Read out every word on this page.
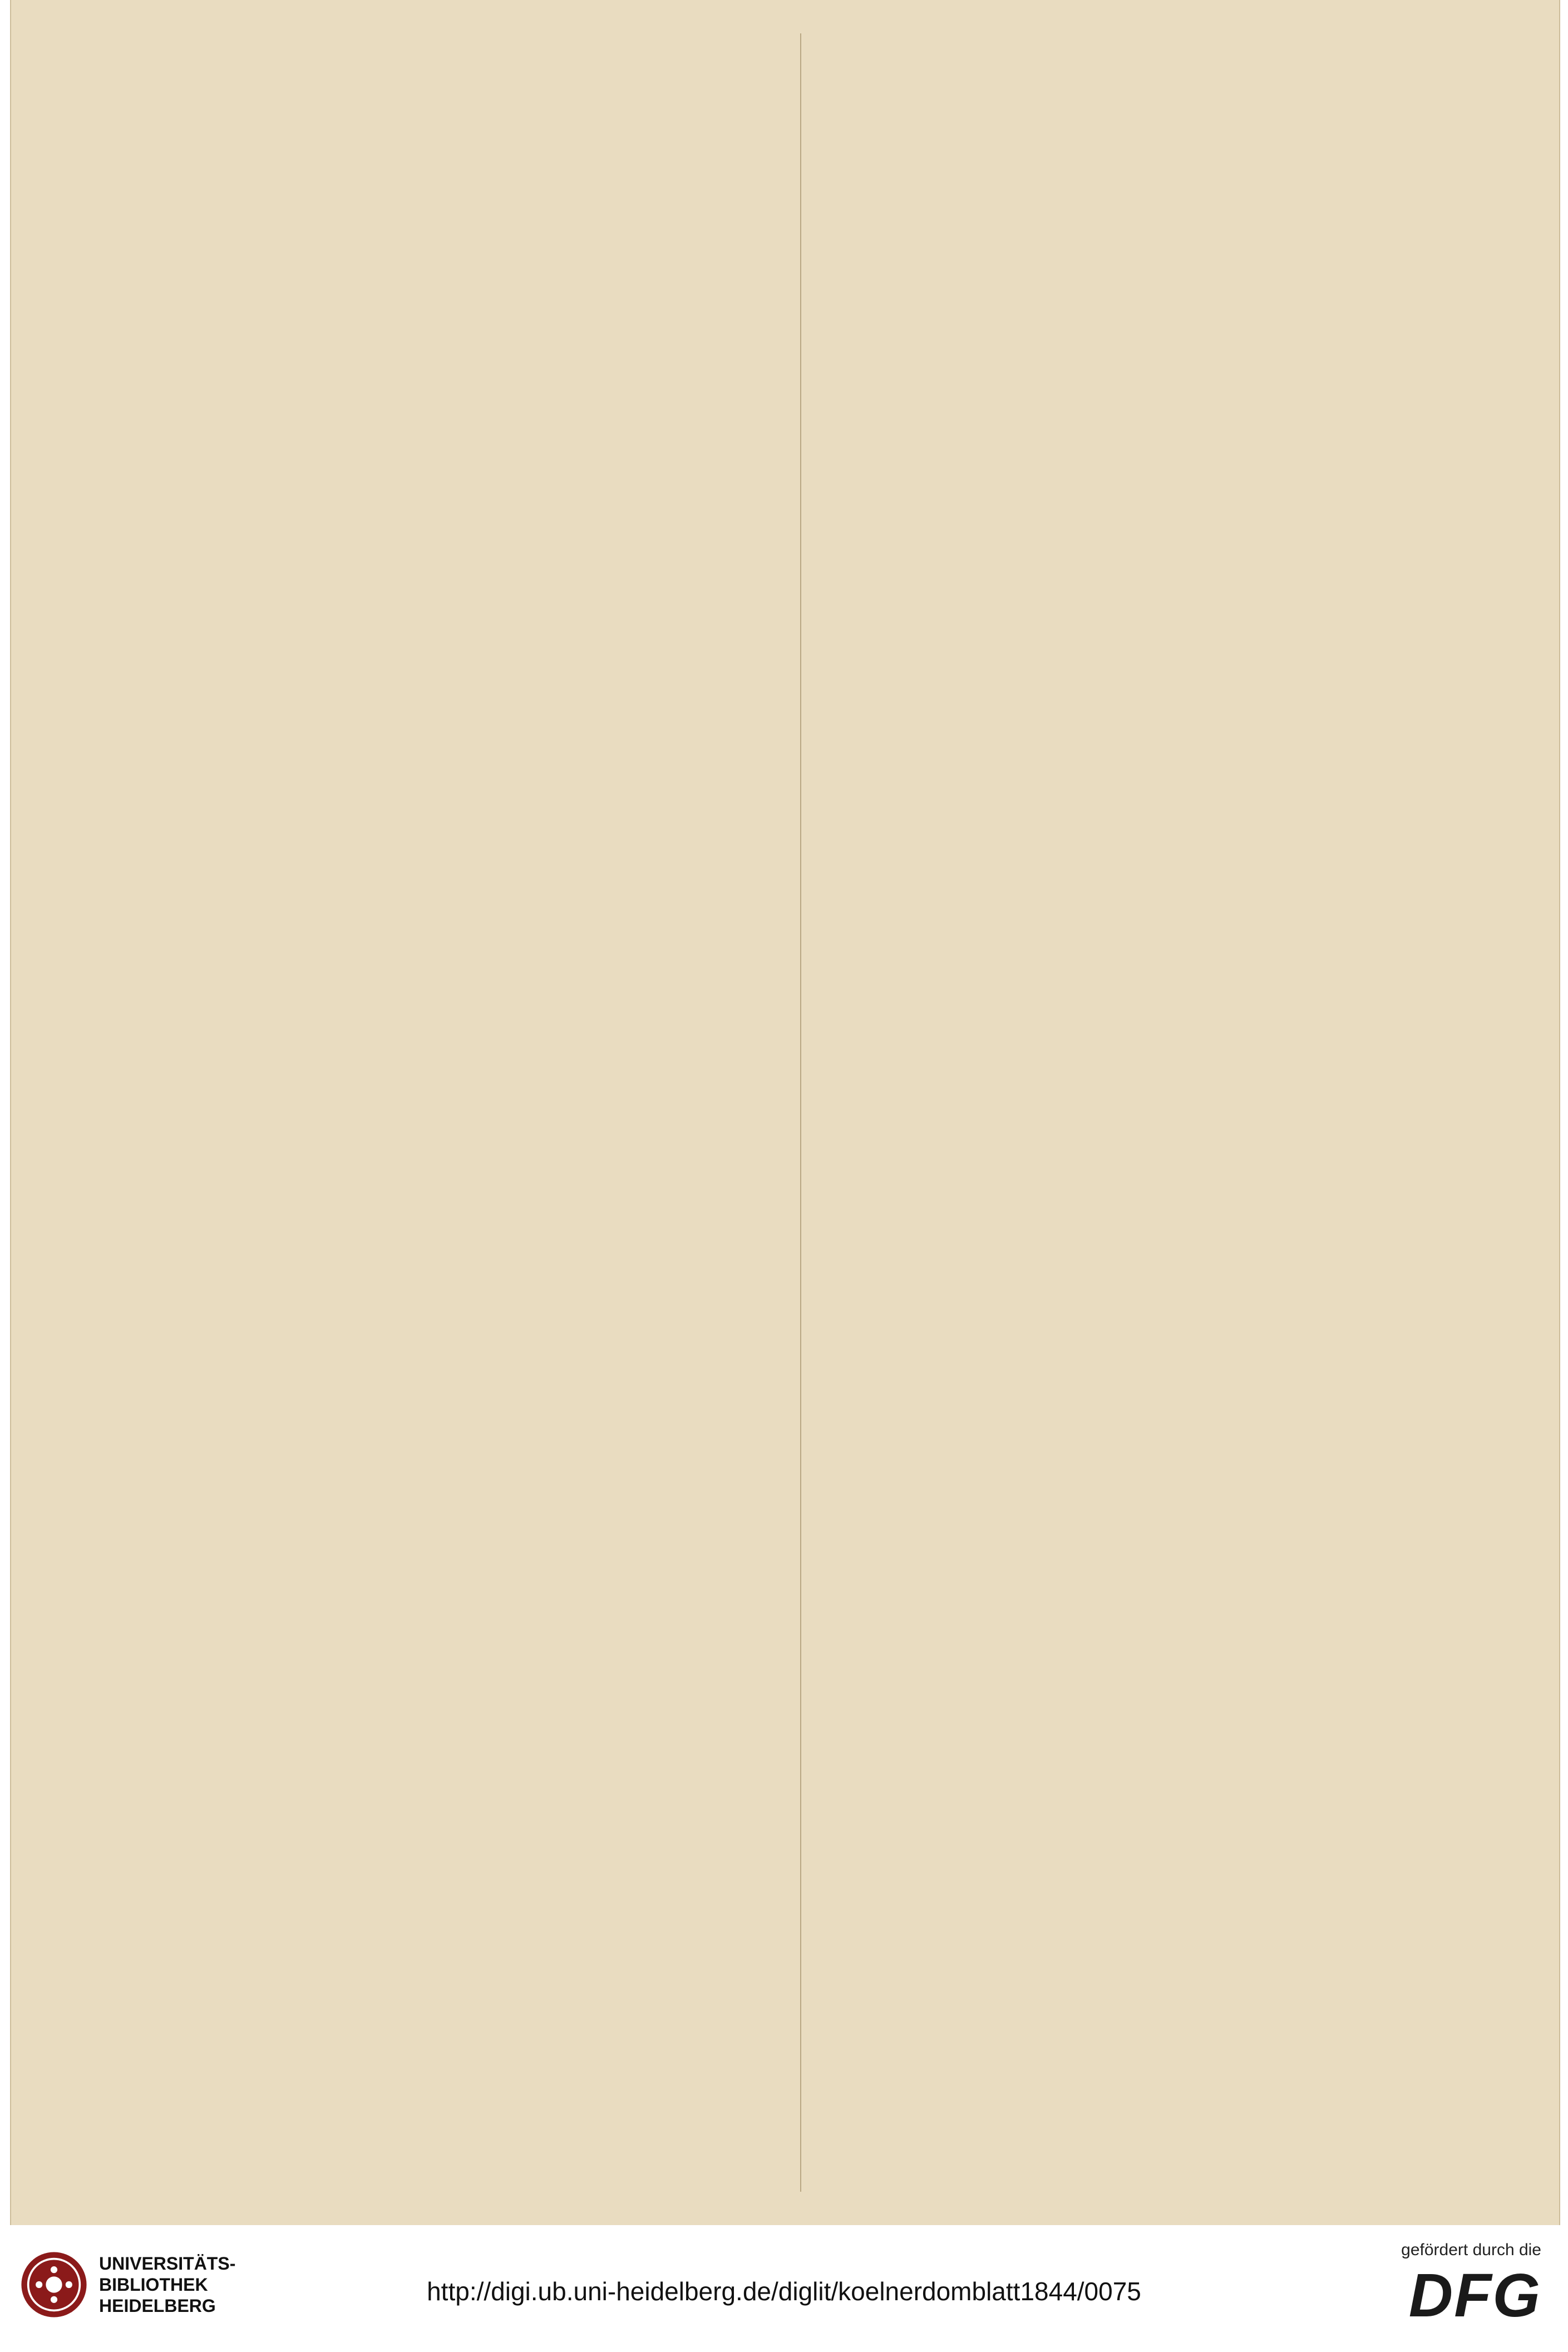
UNIVERSITÄTS-
BIBLIOTHEK
HEIDELBERG	http://digi.ub.uni-heidelberg.de/diglit/koelnerdomblatt1844/0075
gefördert durch die
DFG
